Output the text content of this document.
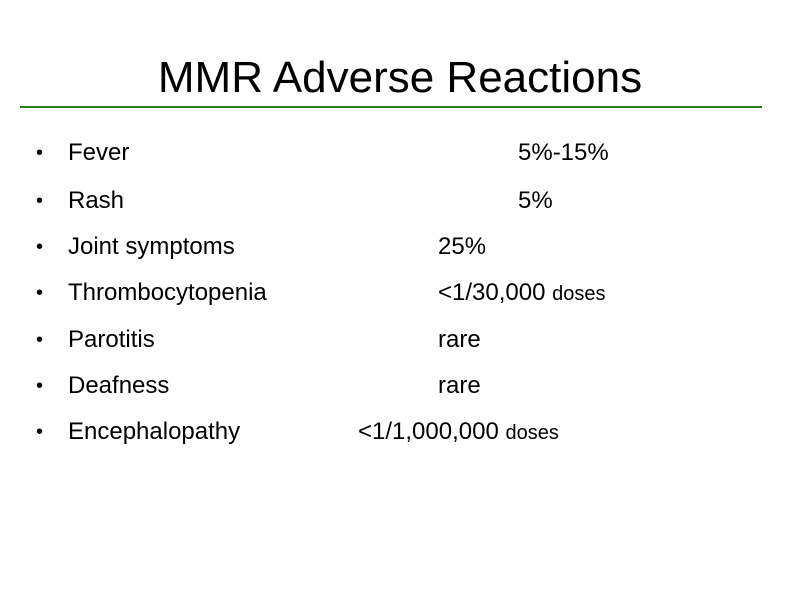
MMR Adverse Reactions
• Fever	5%-15%
• Rash	5%
• Joint symptoms	25%
• Thrombocytopenia	<1/30,000 doses
• Parotitis	rare
• Deafness	rare
• Encephalopathy	<1/1,000,000 doses
